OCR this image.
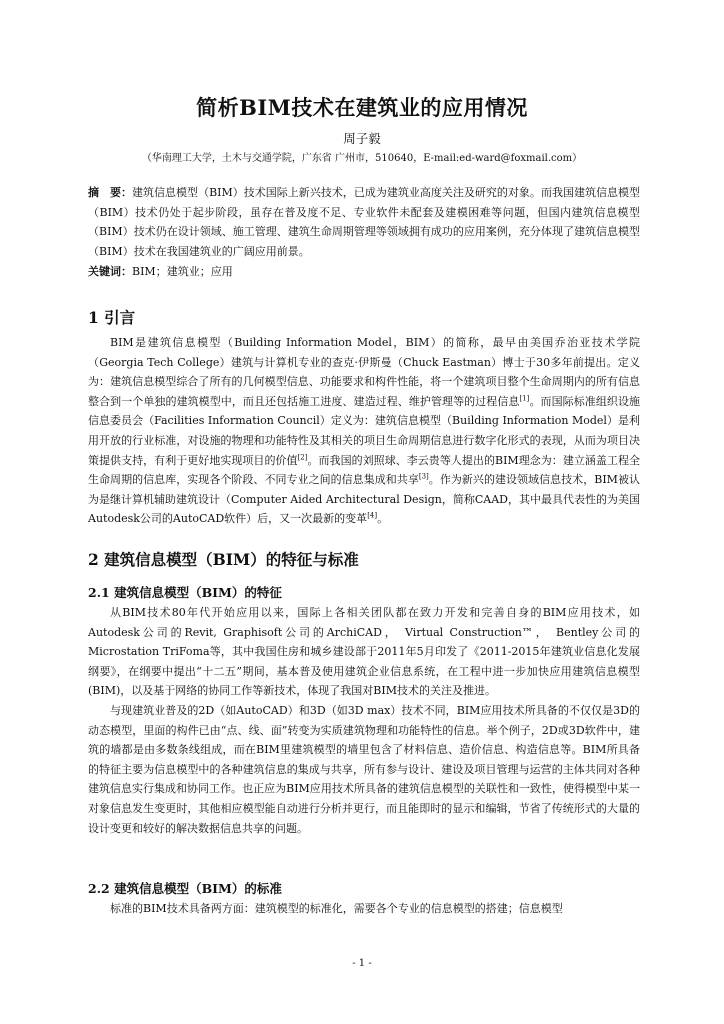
简析BIM技术在建筑业的应用情况
周子毅
（华南理工大学，土木与交通学院，广东省 广州市，510640，E-mail:ed-ward@foxmail.com）
摘　要：建筑信息模型（BIM）技术国际上新兴技术，已成为建筑业高度关注及研究的对象。而我国建筑信息模型（BIM）技术仍处于起步阶段，虽存在普及度不足、专业软件未配套及建模困难等问题，但国内建筑信息模型（BIM）技术仍在设计领域、施工管理、建筑生命周期管理等领域拥有成功的应用案例，充分体现了建筑信息模型（BIM）技术在我国建筑业的广阔应用前景。
关键词：BIM；建筑业；应用
1 引言
BIM是建筑信息模型（Building Information Model，BIM）的简称，最早由美国乔治亚技术学院（Georgia Tech College）建筑与计算机专业的查克·伊斯曼（Chuck Eastman）博士于30多年前提出。定义为：建筑信息模型综合了所有的几何模型信息、功能要求和构件性能，将一个建筑项目整个生命周期内的所有信息整合到一个单独的建筑模型中，而且还包括施工进度、建造过程、维护管理等的过程信息[1]。而国际标准组织设施信息委员会（Facilities Information Council）定义为：建筑信息模型（Building Information Model）是利用开放的行业标准，对设施的物理和功能特性及其相关的项目生命周期信息进行数字化形式的表现，从而为项目决策提供支持，有利于更好地实现项目的价值[2]。而我国的刘照球、李云贵等人提出的BIM理念为：建立涵盖工程全生命周期的信息库，实现各个阶段、不同专业之间的信息集成和共享[3]。作为新兴的建设领域信息技术，BIM被认为是继计算机辅助建筑设计（Computer Aided Architectural Design，简称CAAD，其中最具代表性的为美国Autodesk公司的AutoCAD软件）后，又一次最新的变革[4]。
2 建筑信息模型（BIM）的特征与标准
2.1 建筑信息模型（BIM）的特征
从BIM技术80年代开始应用以来，国际上各相关团队都在致力开发和完善自身的BIM应用技术，如Autodesk公司的Revit, Graphisoft公司的ArchiCAD， Virtual Construction™， Bentley公司的Microstation TriFoma等，其中我国住房和城乡建设部于2011年5月印发了《2011-2015年建筑业信息化发展纲要》，在纲要中提出“十二五”期间，基本普及使用建筑企业信息系统，在工程中进一步加快应用建筑信息模型(BIM)，以及基于网络的协同工作等新技术，体现了我国对BIM技术的关注及推进。
与现建筑业普及的2D（如AutoCAD）和3D（如3D max）技术不同，BIM应用技术所具备的不仅仅是3D的动态模型，里面的构件已由“点、线、面”转变为实质建筑物理和功能特性的信息。举个例子，2D或3D软件中，建筑的墙都是由多数条线组成，而在BIM里建筑模型的墙里包含了材料信息、造价信息、构造信息等。BIM所具备的特征主要为信息模型中的各种建筑信息的集成与共享，所有参与设计、建设及项目管理与运营的主体共同对各种建筑信息实行集成和协同工作。也正应为BIM应用技术所具备的建筑信息模型的关联性和一致性，使得模型中某一对象信息发生变更时，其他相应模型能自动进行分析并更行，而且能即时的显示和编辑，节省了传统形式的大量的设计变更和较好的解决数据信息共享的问题。
2.2 建筑信息模型（BIM）的标准
标准的BIM技术具备两方面：建筑模型的标准化，需要各个专业的信息模型的搭建；信息模型
- 1 -
